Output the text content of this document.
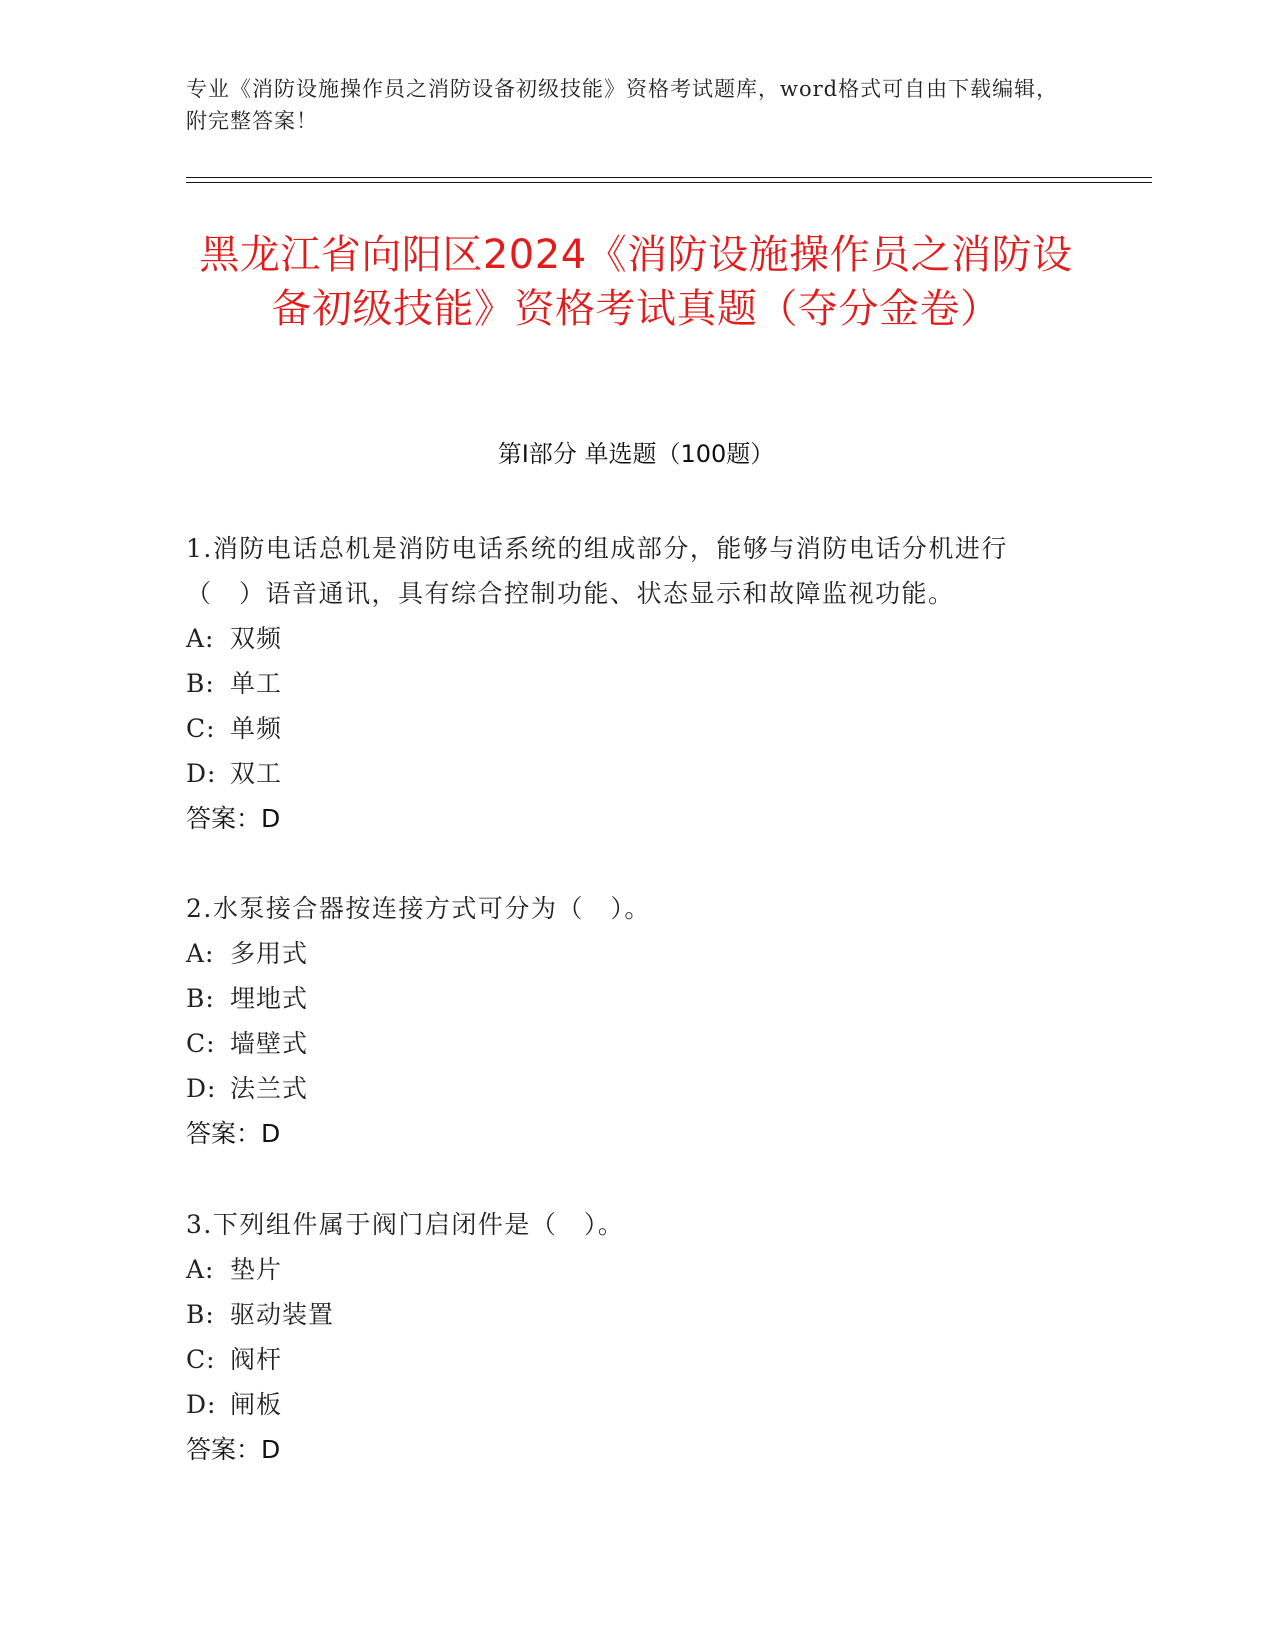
专业《消防设施操作员之消防设备初级技能》资格考试题库，word格式可自由下载编辑，附完整答案！
黑龙江省向阳区2024《消防设施操作员之消防设备初级技能》资格考试真题（夺分金卷）
第I部分 单选题（100题）

1.消防电话总机是消防电话系统的组成部分，能够与消防电话分机进行（　）语音通讯，具有综合控制功能、状态显示和故障监视功能。

A: 双频

B: 单工

C: 单频

D: 双工

答案：D

2.水泵接合器按连接方式可分为（　）。

A: 多用式

B: 埋地式

C: 墙壁式

D: 法兰式

答案：D

3.下列组件属于阀门启闭件是（　）。

A: 垫片

B: 驱动装置

C: 阀杆

D: 闸板

答案：D
